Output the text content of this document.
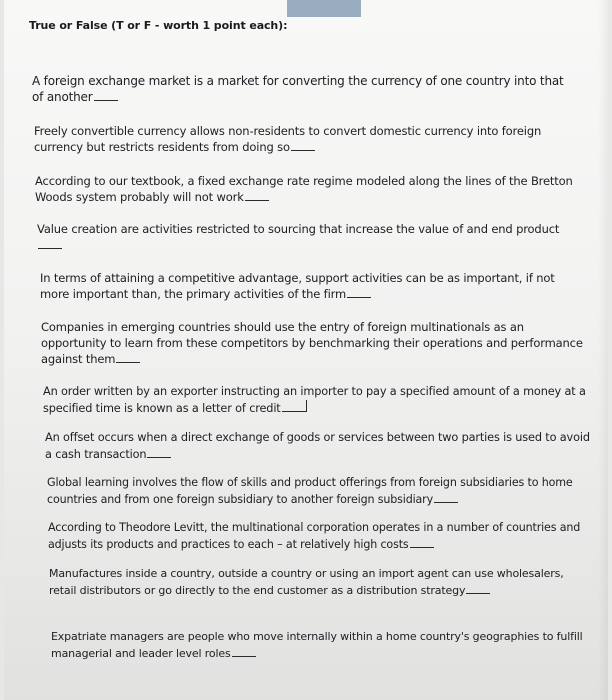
True or False (T or F - worth 1 point each):
A foreign exchange market is a market for converting the currency of one country into that of another
Freely convertible currency allows non-residents to convert domestic currency into foreign currency but restricts residents from doing so
According to our textbook, a fixed exchange rate regime modeled along the lines of the Bretton Woods system probably will not work
Value creation are activities restricted to sourcing that increase the value of and end product
In terms of attaining a competitive advantage, support activities can be as important, if not more important than, the primary activities of the firm
Companies in emerging countries should use the entry of foreign multinationals as an opportunity to learn from these competitors by benchmarking their operations and performance against them
An order written by an exporter instructing an importer to pay a specified amount of a money at a specified time is known as a letter of credit
An offset occurs when a direct exchange of goods or services between two parties is used to avoid a cash transaction
Global learning involves the flow of skills and product offerings from foreign subsidiaries to home countries and from one foreign subsidiary to another foreign subsidiary
According to Theodore Levitt, the multinational corporation operates in a number of countries and adjusts its products and practices to each – at relatively high costs
Manufactures inside a country, outside a country or using an import agent can use wholesalers, retail distributors or go directly to the end customer as a distribution strategy
Expatriate managers are people who move internally within a home country's geographies to fulfill managerial and leader level roles
